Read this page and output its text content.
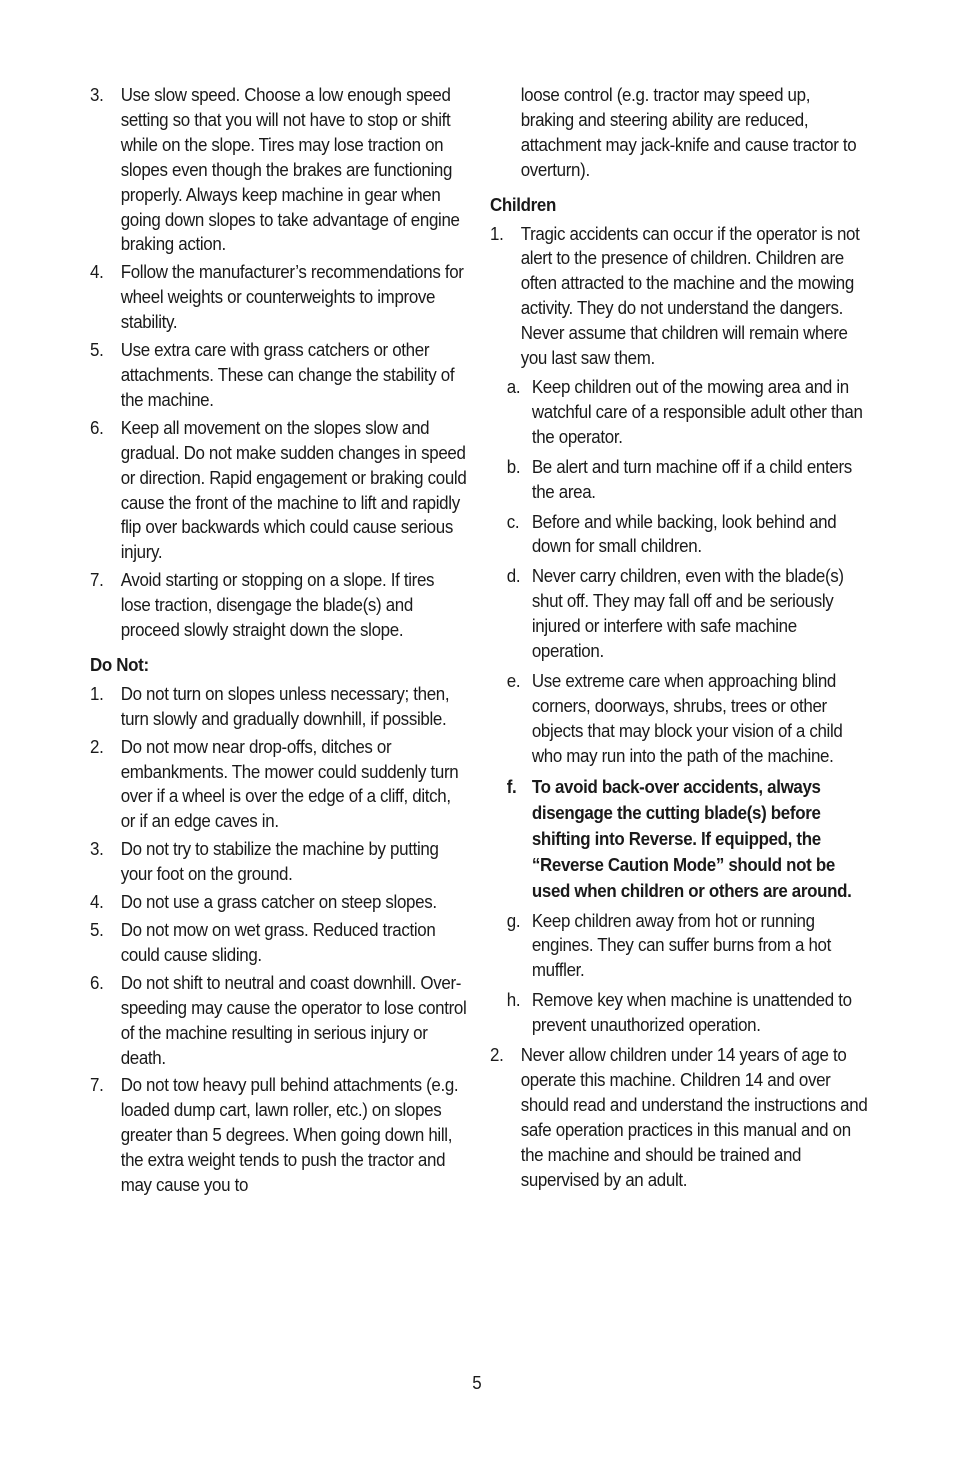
3. Use slow speed. Choose a low enough speed setting so that you will not have to stop or shift while on the slope. Tires may lose traction on slopes even though the brakes are functioning properly. Always keep machine in gear when going down slopes to take advantage of engine braking action.
4. Follow the manufacturer’s recommendations for wheel weights or counterweights to improve stability.
5. Use extra care with grass catchers or other attachments. These can change the stability of the machine.
6. Keep all movement on the slopes slow and gradual. Do not make sudden changes in speed or direction. Rapid engagement or braking could cause the front of the machine to lift and rapidly flip over backwards which could cause serious injury.
7. Avoid starting or stopping on a slope. If tires lose traction, disengage the blade(s) and proceed slowly straight down the slope.
Do Not:
1. Do not turn on slopes unless necessary; then, turn slowly and gradually downhill, if possible.
2. Do not mow near drop-offs, ditches or embankments. The mower could suddenly turn over if a wheel is over the edge of a cliff, ditch, or if an edge caves in.
3. Do not try to stabilize the machine by putting your foot on the ground.
4. Do not use a grass catcher on steep slopes.
5. Do not mow on wet grass. Reduced traction could cause sliding.
6. Do not shift to neutral and coast downhill. Over-speeding may cause the operator to lose control of the machine resulting in serious injury or death.
7. Do not tow heavy pull behind attachments (e.g. loaded dump cart, lawn roller, etc.) on slopes greater than 5 degrees. When going down hill, the extra weight tends to push the tractor and may cause you to
loose control (e.g. tractor may speed up, braking and steering ability are reduced, attachment may jack-knife and cause tractor to overturn).
Children
1. Tragic accidents can occur if the operator is not alert to the presence of children. Children are often attracted to the machine and the mowing activity. They do not understand the dangers. Never assume that children will remain where you last saw them.
a. Keep children out of the mowing area and in watchful care of a responsible adult other than the operator.
b. Be alert and turn machine off if a child enters the area.
c. Before and while backing, look behind and down for small children.
d. Never carry children, even with the blade(s) shut off. They may fall off and be seriously injured or interfere with safe machine operation.
e. Use extreme care when approaching blind corners, doorways, shrubs, trees or other objects that may block your vision of a child who may run into the path of the machine.
f. To avoid back-over accidents, always disengage the cutting blade(s) before shifting into Reverse. If equipped, the “Reverse Caution Mode” should not be used when children or others are around.
g. Keep children away from hot or running engines. They can suffer burns from a hot muffler.
h. Remove key when machine is unattended to prevent unauthorized operation.
2. Never allow children under 14 years of age to operate this machine. Children 14 and over should read and understand the instructions and safe operation practices in this manual and on the machine and should be trained and supervised by an adult.
5
